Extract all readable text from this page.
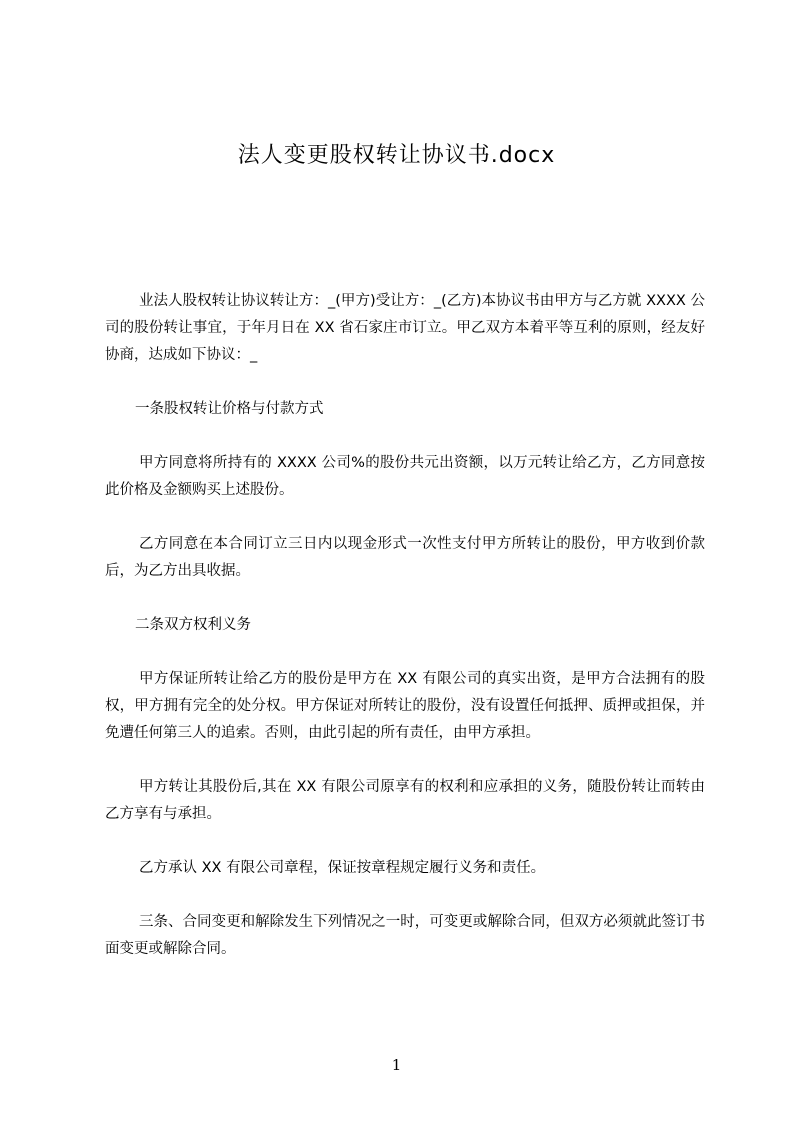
法人变更股权转让协议书.docx

业法人股权转让协议转让方：_(甲方)受让方：_(乙方)本协议书由甲方与乙方就 XXXX 公司的股份转让事宜，于年月日在 XX 省石家庄市订立。甲乙双方本着平等互利的原则，经友好协商，达成如下协议：_

一条股权转让价格与付款方式

甲方同意将所持有的 XXXX 公司%的股份共元出资额，以万元转让给乙方，乙方同意按此价格及金额购买上述股份。

乙方同意在本合同订立三日内以现金形式一次性支付甲方所转让的股份，甲方收到价款后，为乙方出具收据。

二条双方权利义务

甲方保证所转让给乙方的股份是甲方在 XX 有限公司的真实出资，是甲方合法拥有的股权，甲方拥有完全的处分权。甲方保证对所转让的股份，没有设置任何抵押、质押或担保，并免遭任何第三人的追索。否则，由此引起的所有责任，由甲方承担。

甲方转让其股份后,其在 XX 有限公司原享有的权利和应承担的义务，随股份转让而转由乙方享有与承担。

乙方承认 XX 有限公司章程，保证按章程规定履行义务和责任。

三条、合同变更和解除发生下列情况之一时，可变更或解除合同，但双方必须就此签订书面变更或解除合同。

1
